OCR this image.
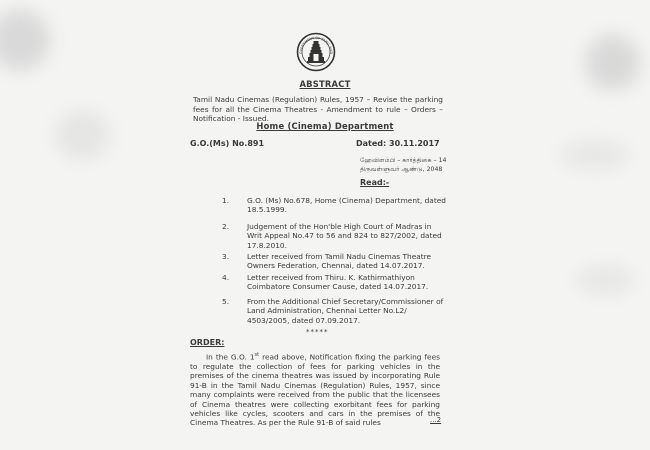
OVERNMENT OF TAMIL NAD
ABSTRACT
Tamil Nadu Cinemas (Regulation) Rules, 1957 – Revise the parking fees for all the Cinema Theatres - Amendment to rule – Orders – Notification - Issued.
Home (Cinema) Department
G.O.(Ms) No.891	Dated: 30.11.2017
ஹேவிளம்பி – கார்த்திகை – 14
திருவள்ளுவர் ஆண்டு, 2048
Read:-
1.	G.O. (Ms) No.678, Home (Cinema) Department, dated 18.5.1999.
2.	Judgement of the Hon'ble High Court of Madras in Writ Appeal No.47 to 56 and 824 to 827/2002, dated 17.8.2010.
3.	Letter received from Tamil Nadu Cinemas Theatre Owners Federation, Chennai, dated 14.07.2017.
4.	Letter received from Thiru. K. Kathirmathiyon Coimbatore Consumer Cause, dated 14.07.2017.
5.	From the Additional Chief Secretary/Commissioner of Land Administration, Chennai Letter No.L2/ 4503/2005, dated 07.09.2017.
*****
ORDER:
In the G.O. 1st read above, Notification fixing the parking fees to regulate the collection of fees for parking vehicles in the premises of the cinema theatres was issued by incorporating Rule 91-B in the Tamil Nadu Cinemas (Regulation) Rules, 1957, since many complaints were received from the public that the licensees of Cinema theatres were collecting exorbitant fees for parking vehicles like cycles, scooters and cars in the premises of the Cinema Theatres. As per the Rule 91-B of said rules	...2
